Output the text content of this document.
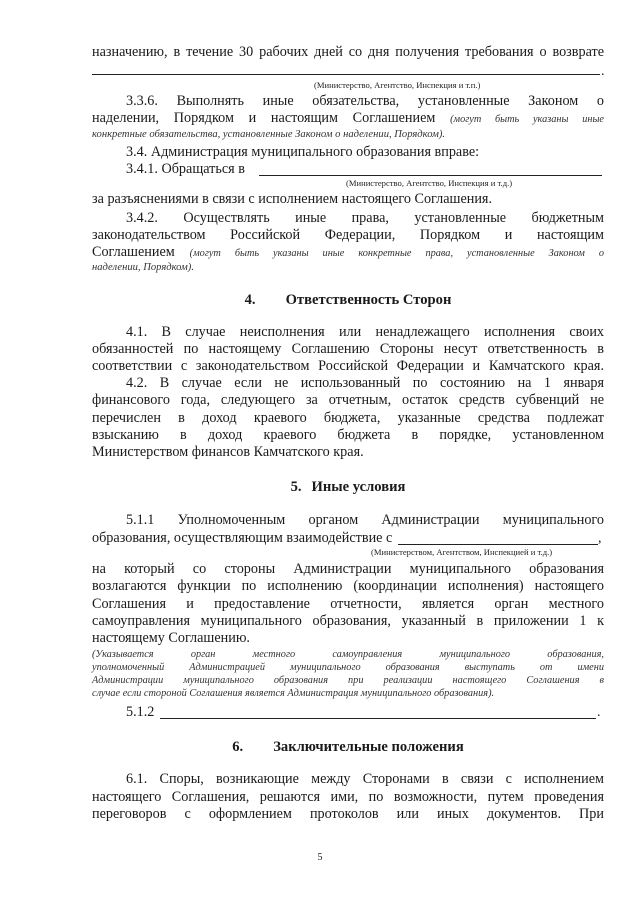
назначению, в течение 30 рабочих дней со дня получения требования о возврате
.
(Министерство, Агентство, Инспекция и т.п.)
3.3.6. Выполнять иные обязательства, установленные Законом о
наделении, Порядком и настоящим Соглашением (могут быть указаны иные
конкретные обязательства, установленные Законом о наделении, Порядком).
3.4. Администрация муниципального образования вправе:
3.4.1. Обращаться в
(Министерство, Агентство, Инспекция и т.д.)
за разъяснениями в связи с исполнением настоящего Соглашения.
3.4.2. Осуществлять иные права, установленные бюджетным
законодательством Российской Федерации, Порядком и настоящим
Соглашением (могут быть указаны иные конкретные права, установленные Законом о
наделении, Порядком).
4. Ответственность Сторон
4.1. В случае неисполнения или ненадлежащего исполнения своих
обязанностей по настоящему Соглашению Стороны несут ответственность в
соответствии с законодательством Российской Федерации и Камчатского края.
4.2. В случае если не использованный по состоянию на 1 января
финансового года, следующего за отчетным, остаток средств субвенций не
перечислен в доход краевого бюджета, указанные средства подлежат
взысканию в доход краевого бюджета в порядке, установленном
Министерством финансов Камчатского края.
5. Иные условия
5.1.1 Уполномоченным органом Администрации муниципального
образования, осуществляющим взаимодействие с	,
(Министерством, Агентством, Инспекцией и т.д.)
на который со стороны Администрации муниципального образования
возлагаются функции по исполнению (координации исполнения) настоящего
Соглашения и предоставление отчетности, является орган местного
самоуправления муниципального образования, указанный в приложении 1 к
настоящему Соглашению.
(Указывается орган местного самоуправления муниципального образования,
уполномоченный Администрацией муниципального образования выступать от имени
Администрации муниципального образования при реализации настоящего Соглашения в
случае если стороной Соглашения является Администрация муниципального образования).
5.1.2	.
6. Заключительные положения
6.1. Споры, возникающие между Сторонами в связи с исполнением
настоящего Соглашения, решаются ими, по возможности, путем проведения
переговоров с оформлением протоколов или иных документов. При
5
